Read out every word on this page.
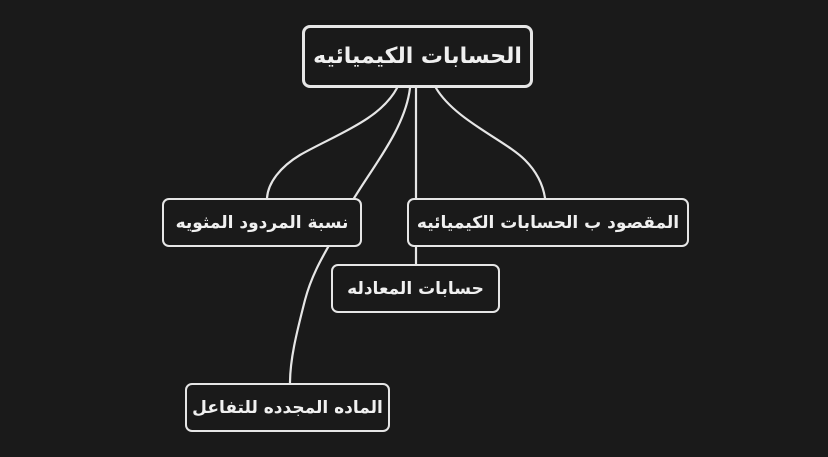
الحسابات الكيميائيه
نسبة المردود المثويه	المقصود ب الحسابات الكيميائيه
حسابات المعادله
الماده المجدده للتفاعل
